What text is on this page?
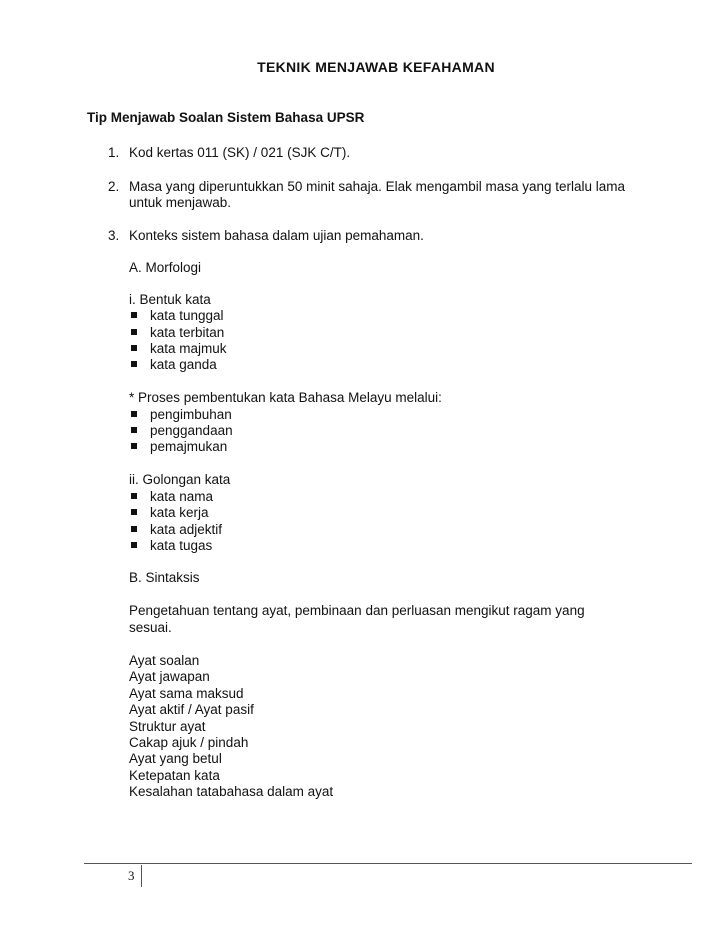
TEKNIK MENJAWAB KEFAHAMAN
Tip Menjawab Soalan Sistem Bahasa UPSR
1. Kod kertas 011 (SK) / 021 (SJK C/T).
2. Masa yang diperuntukkan 50 minit sahaja. Elak mengambil masa yang terlalu lama
untuk menjawab.
3. Konteks sistem bahasa dalam ujian pemahaman.
A. Morfologi
i. Bentuk kata
kata tunggal
kata terbitan
kata majmuk
kata ganda
* Proses pembentukan kata Bahasa Melayu melalui:
pengimbuhan
penggandaan
pemajmukan
ii. Golongan kata
kata nama
kata kerja
kata adjektif
kata tugas
B. Sintaksis
Pengetahuan tentang ayat, pembinaan dan perluasan mengikut ragam yang
sesuai.
Ayat soalan
Ayat jawapan
Ayat sama maksud
Ayat aktif / Ayat pasif
Struktur ayat
Cakap ajuk / pindah
Ayat yang betul
Ketepatan kata
Kesalahan tatabahasa dalam ayat
3
